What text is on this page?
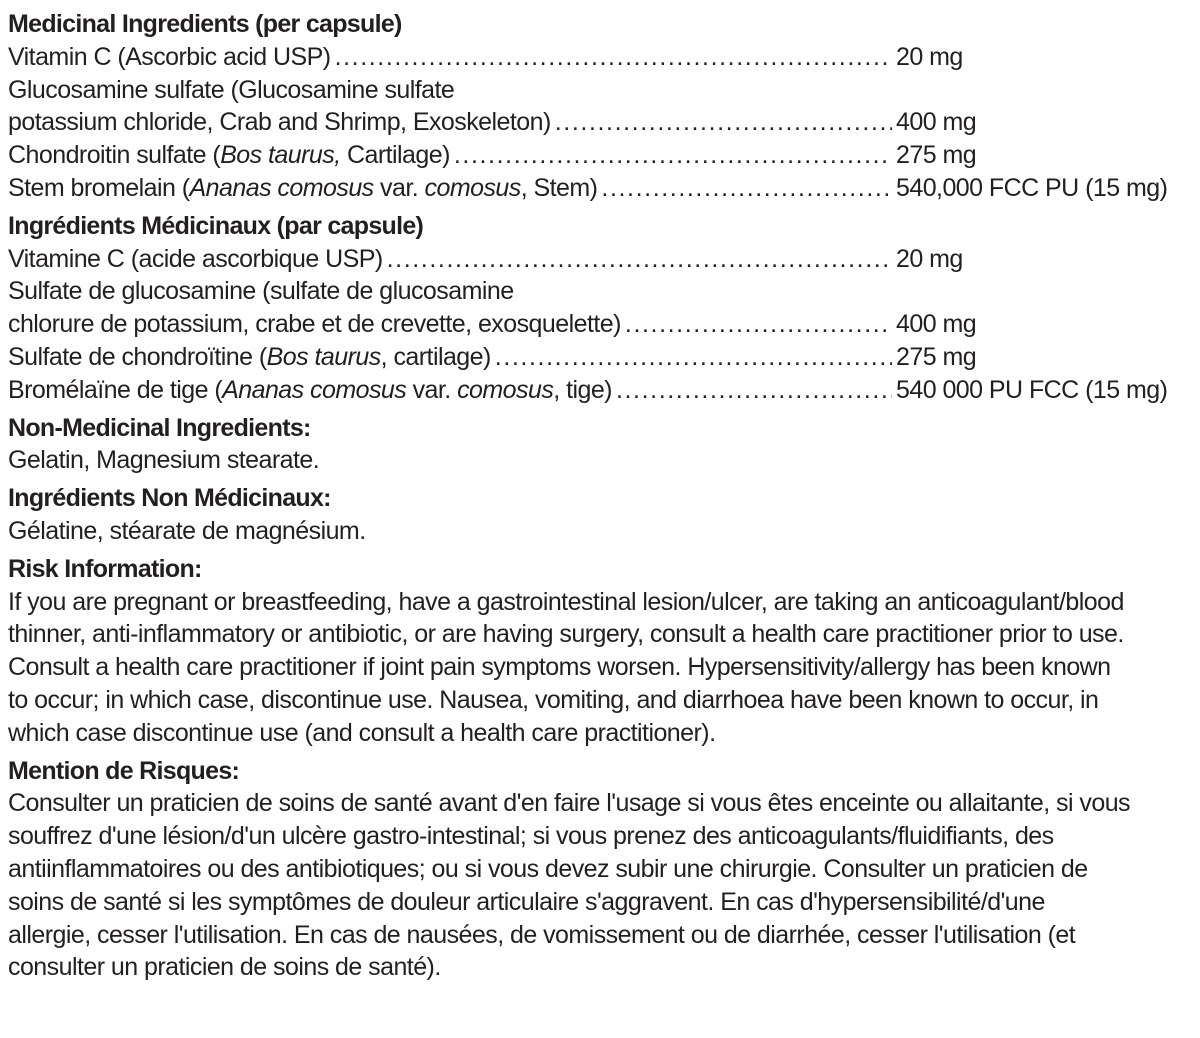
Medicinal Ingredients (per capsule)
Vitamin C (Ascorbic acid USP) .....	20 mg
Glucosamine sulfate (Glucosamine sulfate
potassium chloride, Crab and Shrimp, Exoskeleton) .....	400 mg
Chondroitin sulfate (Bos taurus, Cartilage) .....	275 mg
Stem bromelain (Ananas comosus var. comosus, Stem) .....	540,000 FCC PU (15 mg)
Ingrédients Médicinaux (par capsule)
Vitamine C (acide ascorbique USP) .....	20 mg
Sulfate de glucosamine (sulfate de glucosamine
chlorure de potassium, crabe et de crevette, exosquelette) .....	400 mg
Sulfate de chondroïtine (Bos taurus, cartilage) .....	275 mg
Bromélaïne de tige (Ananas comosus var. comosus, tige) .....	540 000 PU FCC (15 mg)
Non-Medicinal Ingredients:
Gelatin, Magnesium stearate.
Ingrédients Non Médicinaux:
Gélatine, stéarate de magnésium.
Risk Information:

If you are pregnant or breastfeeding, have a gastrointestinal lesion/ulcer, are taking an anticoagulant/blood

thinner, anti-inflammatory or antibiotic, or are having surgery, consult a health care practitioner prior to use.

Consult a health care practitioner if joint pain symptoms worsen. Hypersensitivity/allergy has been known

to occur; in which case, discontinue use. Nausea, vomiting, and diarrhoea have been known to occur, in

which case discontinue use (and consult a health care practitioner).

Mention de Risques:

Consulter un praticien de soins de santé avant d'en faire l'usage si vous êtes enceinte ou allaitante, si vous

souffrez d'une lésion/d'un ulcère gastro-intestinal; si vous prenez des anticoagulants/fluidifiants, des

antiinflammatoires ou des antibiotiques; ou si vous devez subir une chirurgie. Consulter un praticien de

soins de santé si les symptômes de douleur articulaire s'aggravent. En cas d'hypersensibilité/d'une

allergie, cesser l'utilisation. En cas de nausées, de vomissement ou de diarrhée, cesser l'utilisation (et

consulter un praticien de soins de santé).
